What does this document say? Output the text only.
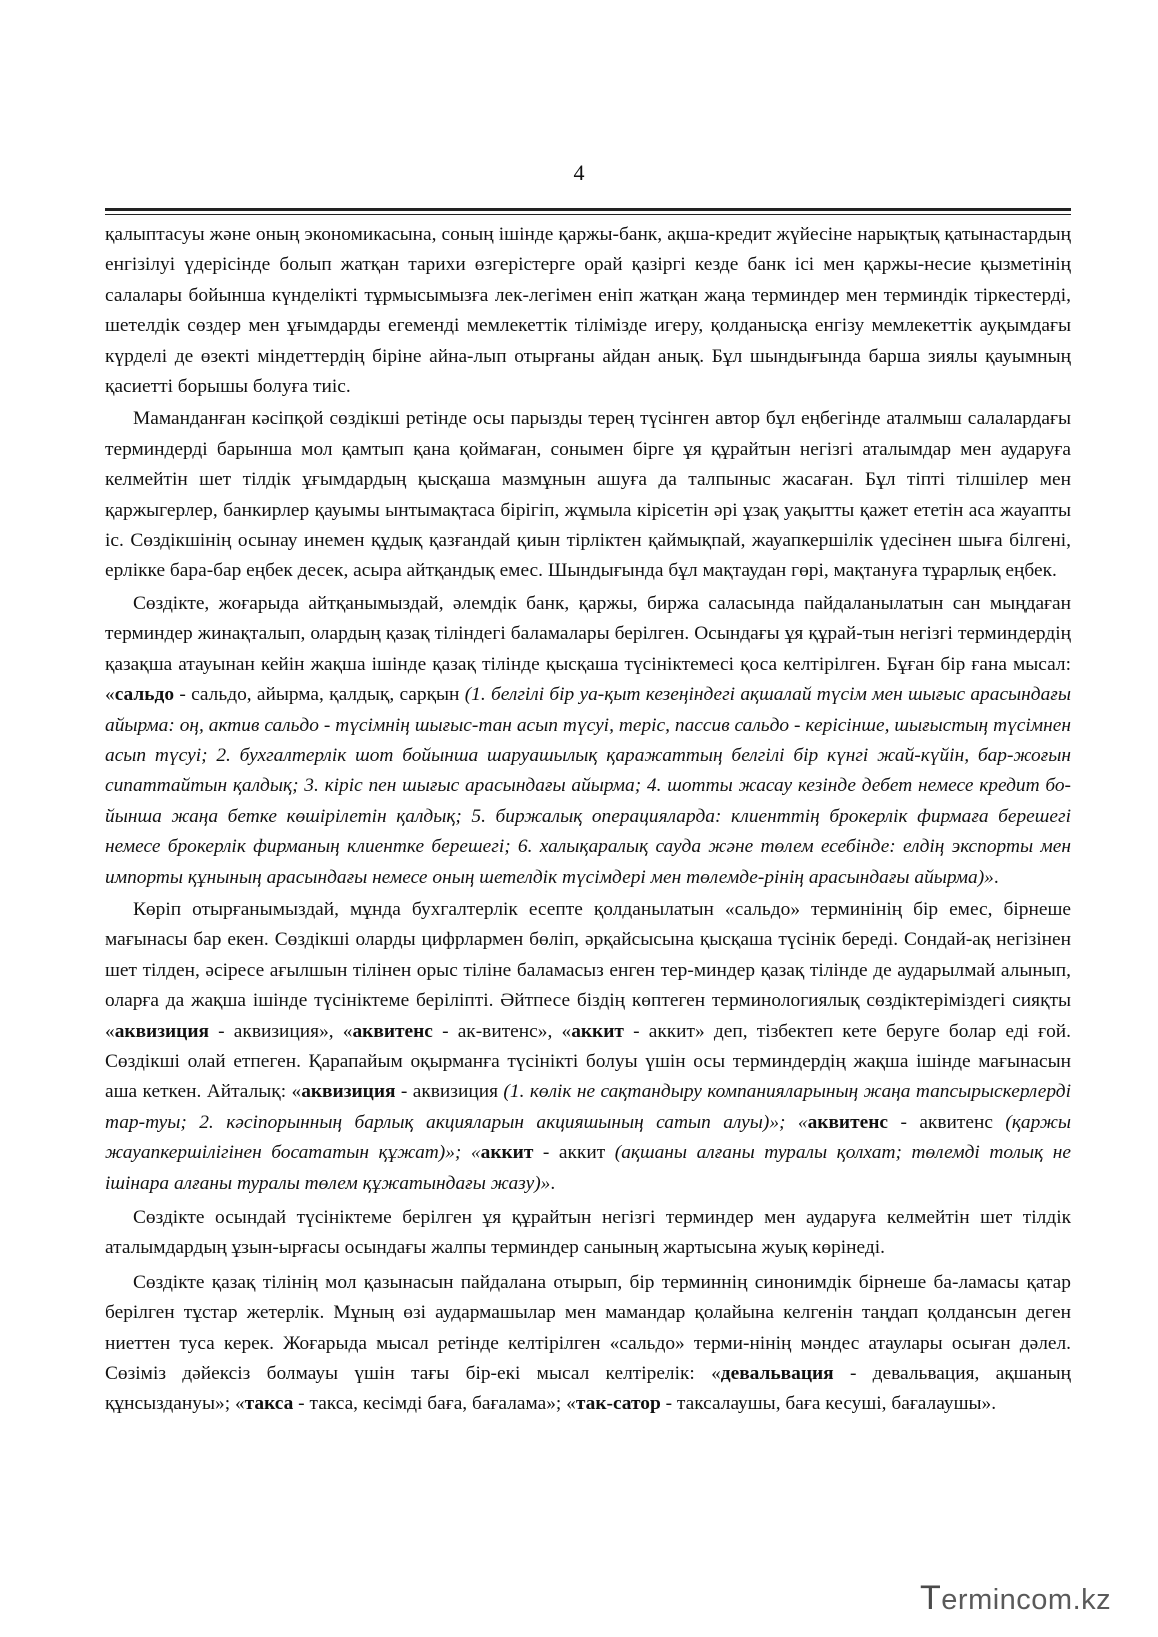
4

қалыптасуы және оның экономикасына, соның ішінде қаржы-банк, ақша-кредит жүйесіне нарықтық қатынастардың енгізілуі үдерісінде болып жатқан тарихи өзгерістерге орай қазіргі кезде банк ісі мен қаржы-несие қызметінің салалары бойынша күнделікті тұрмысымызға лек-легімен еніп жатқан жаңа терминдер мен терминдік тіркестерді, шетелдік сөздер мен ұғымдарды егеменді мемлекеттік тілімізде игеру, қолданысқа енгізу мемлекеттік ауқымдағы күрделі де өзекті міндеттердің біріне айна-лып отырғаны айдан анық. Бұл шындығында барша зиялы қауымның қасиетті борышы болуға тиіс.

Маманданған кәсіпқой сөздікші ретінде осы парызды терең түсінген автор бұл еңбегінде аталмыш салалардағы терминдерді барынша мол қамтып қана қоймаған, сонымен бірге ұя құрайтын негізгі аталымдар мен аударуға келмейтін шет тілдік ұғымдардың қысқаша мазмұнын ашуға да талпыныс жасаған. Бұл тіпті тілшілер мен қаржыгерлер, банкирлер қауымы ынтымақтаса бірігіп, жұмыла кірісетін әрі ұзақ уақытты қажет ететін аса жауапты іс. Сөздікшінің осынау инемен құдық қазғандай қиын тірліктен қаймықпай, жауапкершілік үдесінен шыға білгені, ерлікке бара-бар еңбек десек, асыра айтқандық емес. Шындығында бұл мақтаудан гөрі, мақтануға тұрарлық еңбек.

Сөздікте, жоғарыда айтқанымыздай, әлемдік банк, қаржы, биржа саласында пайдаланылатын сан мыңдаған терминдер жинақталып, олардың қазақ тіліндегі баламалары берілген. Осындағы ұя құрай-тын негізгі терминдердің қазақша атауынан кейін жақша ішінде қазақ тілінде қысқаша түсініктемесі қоса келтірілген. Бұған бір ғана мысал: «сальдо - сальдо, айырма, қалдық, сарқын (1. белгілі бір уа-қыт кезеңіндегі ақшалай түсім мен шығыс арасындағы айырма: оң, актив сальдо - түсімнің шығыс-тан асып түсуі, теріс, пассив сальдо - керісінше, шығыстың түсімнен асып түсуі; 2. бухгалтерлік шот бойынша шаруашылық қаражаттың белгілі бір күнгі жай-күйін, бар-жоғын сипаттайтын қалдық; 3. кіріс пен шығыс арасындағы айырма; 4. шотты жасау кезінде дебет немесе кредит бо-йынша жаңа бетке көшірілетін қалдық; 5. биржалық операцияларда: клиенттің брокерлік фирмаға берешегі немесе брокерлік фирманың клиентке берешегі; 6. халықаралық сауда және төлем есебінде: елдің экспорты мен импорты құнының арасындағы немесе оның шетелдік түсімдері мен төлемде-рінің арасындағы айырма)».

Көріп отырғанымыздай, мұнда бухгалтерлік есепте қолданылатын «сальдо» терминінің бір емес, бірнеше мағынасы бар екен. Сөздікші оларды цифрлармен бөліп, әрқайсысына қысқаша түсінік береді. Сондай-ақ негізінен шет тілден, әсіресе ағылшын тілінен орыс тіліне баламасыз енген тер-миндер қазақ тілінде де аударылмай алынып, оларға да жақша ішінде түсініктеме беріліпті. Әйтпесе біздің көптеген терминологиялық сөздіктеріміздегі сияқты «аквизиция - аквизиция», «аквитенс - ак-витенс», «аккит - аккит» деп, тізбектеп кете беруге болар еді ғой. Сөздікші олай етпеген. Қарапайым оқырманға түсінікті болуы үшін осы терминдердің жақша ішінде мағынасын аша кеткен. Айталық: «аквизиция - аквизиция (1. көлік не сақтандыру компанияларының жаңа тапсырыскерлерді тар-туы; 2. кәсіпорынның барлық акцияларын акцияшының сатып алуы)»; «аквитенс - аквитенс (қаржы жауапкершілігінен босататын құжат)»; «аккит - аккит (ақшаны алғаны туралы қолхат; төлемді толық не ішінара алғаны туралы төлем құжатындағы жазу)».

Сөздікте осындай түсініктеме берілген ұя құрайтын негізгі терминдер мен аударуға келмейтін шет тілдік аталымдардың ұзын-ырғасы осындағы жалпы терминдер санының жартысына жуық көрінеді.

Сөздікте қазақ тілінің мол қазынасын пайдалана отырып, бір терминнің синонимдік бірнеше ба-ламасы қатар берілген тұстар жетерлік. Мұның өзі аудармашылар мен мамандар қолайына келгенін таңдап қолдансын деген ниеттен туса керек. Жоғарыда мысал ретінде келтірілген «сальдо» терми-нінің мәндес атаулары осыған дәлел. Сөзіміз дәйексіз болмауы үшін тағы бір-екі мысал келтірелік: «девальвация - девальвация, ақшаның құнсыздануы»; «такса - такса, кесімді баға, бағалама»; «так-сатор - таксалаушы, баға кесуші, бағалаушы».

Termincom.kz
